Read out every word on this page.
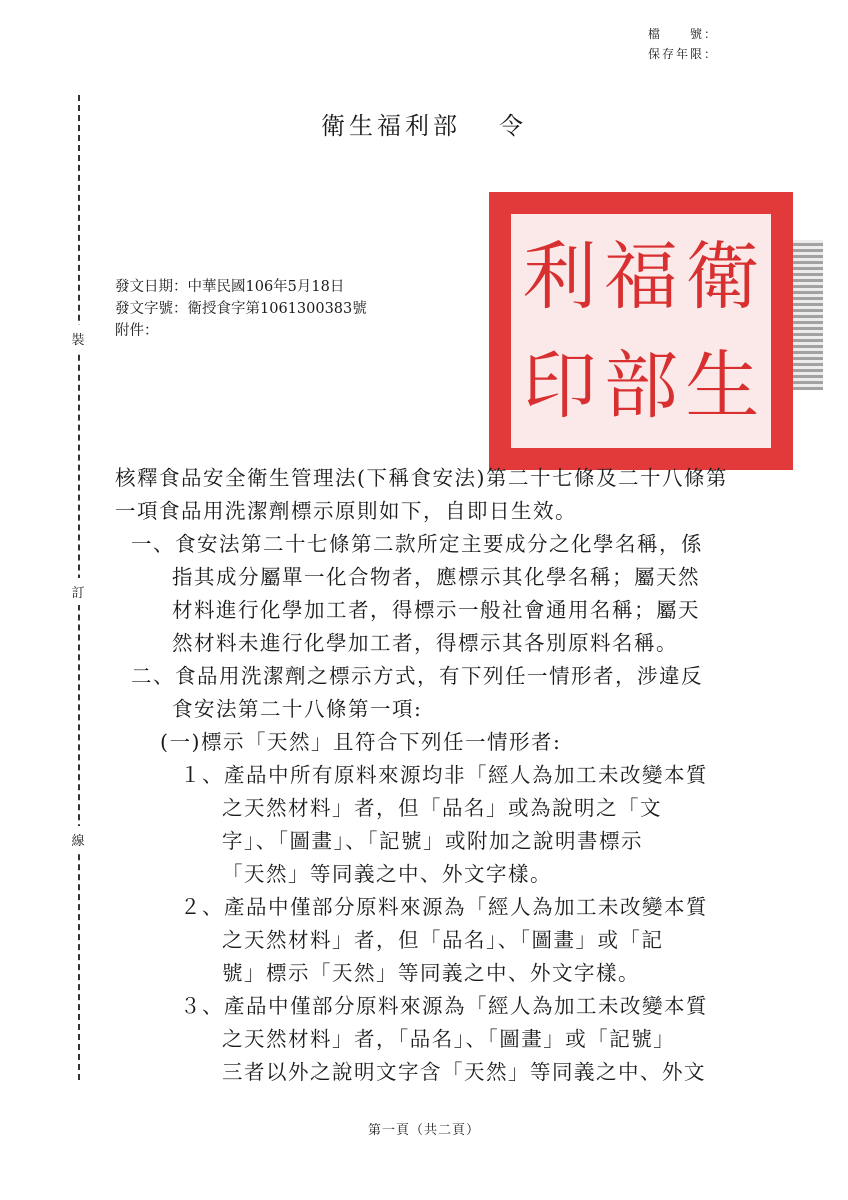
檔　　號：
保存年限：
裝
訂
線
衛生福利部 令
發文日期：中華民國106年5月18日
發文字號：衛授食字第1061300383號
附件：
利 福 衛
印 部 生

核釋食品安全衛生管理法(下稱食安法)第二十七條及二十八條第

一項食品用洗潔劑標示原則如下，自即日生效。

一、食安法第二十七條第二款所定主要成分之化學名稱，係

指其成分屬單一化合物者，應標示其化學名稱；屬天然

材料進行化學加工者，得標示一般社會通用名稱；屬天

然材料未進行化學加工者，得標示其各別原料名稱。

二、食品用洗潔劑之標示方式，有下列任一情形者，涉違反

食安法第二十八條第一項:

(一)標示「天然」且符合下列任一情形者:

１、產品中所有原料來源均非「經人為加工未改變本質

之天然材料」者，但「品名」或為說明之「文

字」、「圖畫」、「記號」或附加之說明書標示

「天然」等同義之中、外文字樣。

２、產品中僅部分原料來源為「經人為加工未改變本質

之天然材料」者，但「品名」、「圖畫」或「記

號」標示「天然」等同義之中、外文字樣。

３、產品中僅部分原料來源為「經人為加工未改變本質

之天然材料」者，「品名」、「圖畫」或「記號」

三者以外之說明文字含「天然」等同義之中、外文

第一頁（共二頁）
